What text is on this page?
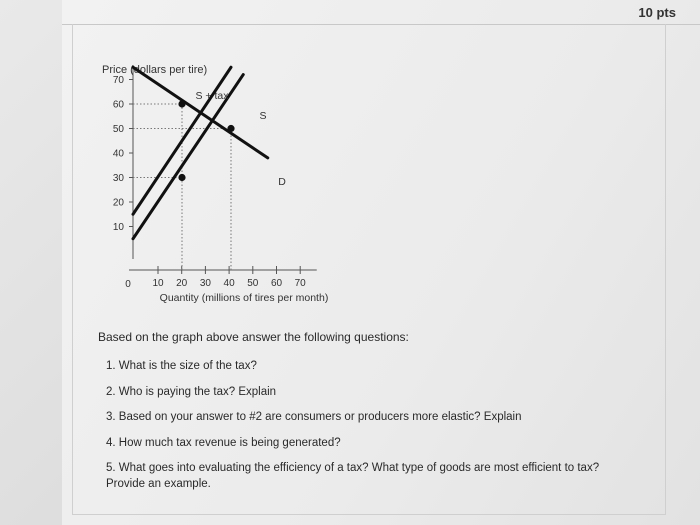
10 pts
Price (dollars per tire)
10
20
30
40
50
60
70
0 10 20 30 40 50 60 70
Quantity (millions of tires per month)
S + tax
S
D
Based on the graph above answer the following questions:
1. What is the size of the tax?
2. Who is paying the tax? Explain
3. Based on your answer to #2 are consumers or producers more elastic? Explain
4. How much tax revenue is being generated?
5. What goes into evaluating the efficiency of a tax? What type of goods are most efficient to tax? Provide an example.
